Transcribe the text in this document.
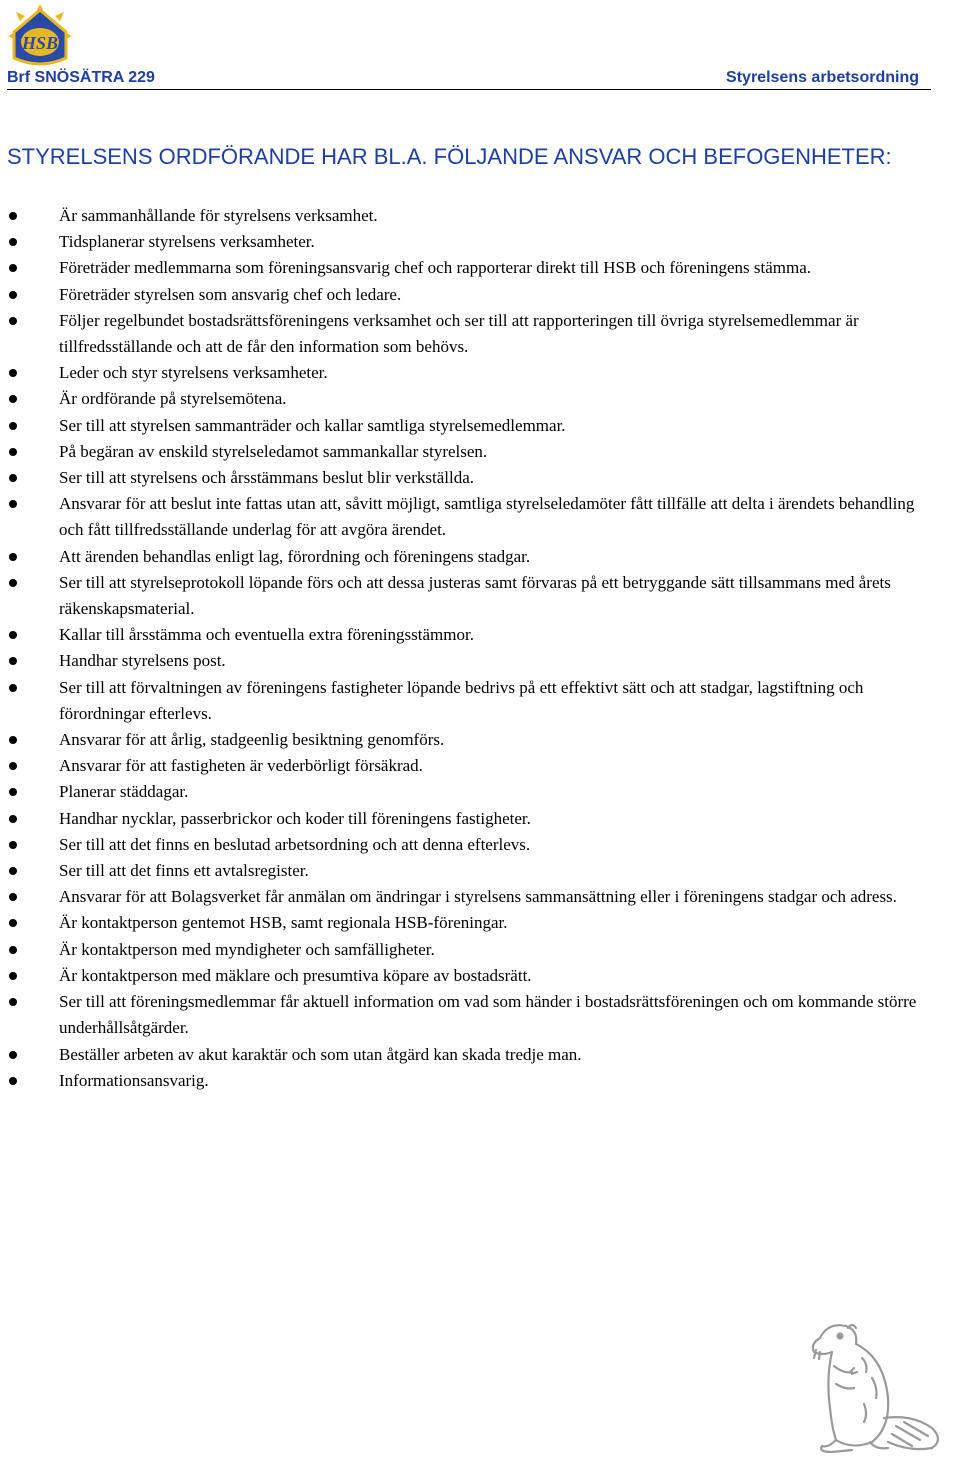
HSB
Brf SNÖSÄTRA 229	Styrelsens arbetsordning
STYRELSENS ORDFÖRANDE HAR BL.A. FÖLJANDE ANSVAR OCH BEFOGENHETER:
Är sammanhållande för styrelsens verksamhet.
Tidsplanerar styrelsens verksamheter.
Företräder medlemmarna som föreningsansvarig chef och rapporterar direkt till HSB och föreningens stämma.
Företräder styrelsen som ansvarig chef och ledare.
Följer regelbundet bostadsrättsföreningens verksamhet och ser till att rapporteringen till övriga styrelsemedlemmar är tillfredsställande och att de får den information som behövs.
Leder och styr styrelsens verksamheter.
Är ordförande på styrelsemötena.
Ser till att styrelsen sammanträder och kallar samtliga styrelsemedlemmar.
På begäran av enskild styrelseledamot sammankallar styrelsen.
Ser till att styrelsens och årsstämmans beslut blir verkställda.
Ansvarar för att beslut inte fattas utan att, såvitt möjligt, samtliga styrelseledamöter fått tillfälle att delta i ärendets behandling och fått tillfredsställande underlag för att avgöra ärendet.
Att ärenden behandlas enligt lag, förordning och föreningens stadgar.
Ser till att styrelseprotokoll löpande förs och att dessa justeras samt förvaras på ett betryggande sätt tillsammans med årets räkenskapsmaterial.
Kallar till årsstämma och eventuella extra föreningsstämmor.
Handhar styrelsens post.
Ser till att förvaltningen av föreningens fastigheter löpande bedrivs på ett effektivt sätt och att stadgar, lagstiftning och förordningar efterlevs.
Ansvarar för att årlig, stadgeenlig besiktning genomförs.
Ansvarar för att fastigheten är vederbörligt försäkrad.
Planerar städdagar.
Handhar nycklar, passerbrickor och koder till föreningens fastigheter.
Ser till att det finns en beslutad arbetsordning och att denna efterlevs.
Ser till att det finns ett avtalsregister.
Ansvarar för att Bolagsverket får anmälan om ändringar i styrelsens sammansättning eller i föreningens stadgar och adress.
Är kontaktperson gentemot HSB, samt regionala HSB-föreningar.
Är kontaktperson med myndigheter och samfälligheter.
Är kontaktperson med mäklare och presumtiva köpare av bostadsrätt.
Ser till att föreningsmedlemmar får aktuell information om vad som händer i bostadsrättsföreningen och om kommande större underhållsåtgärder.
Beställer arbeten av akut karaktär och som utan åtgärd kan skada tredje man.
Informationsansvarig.
